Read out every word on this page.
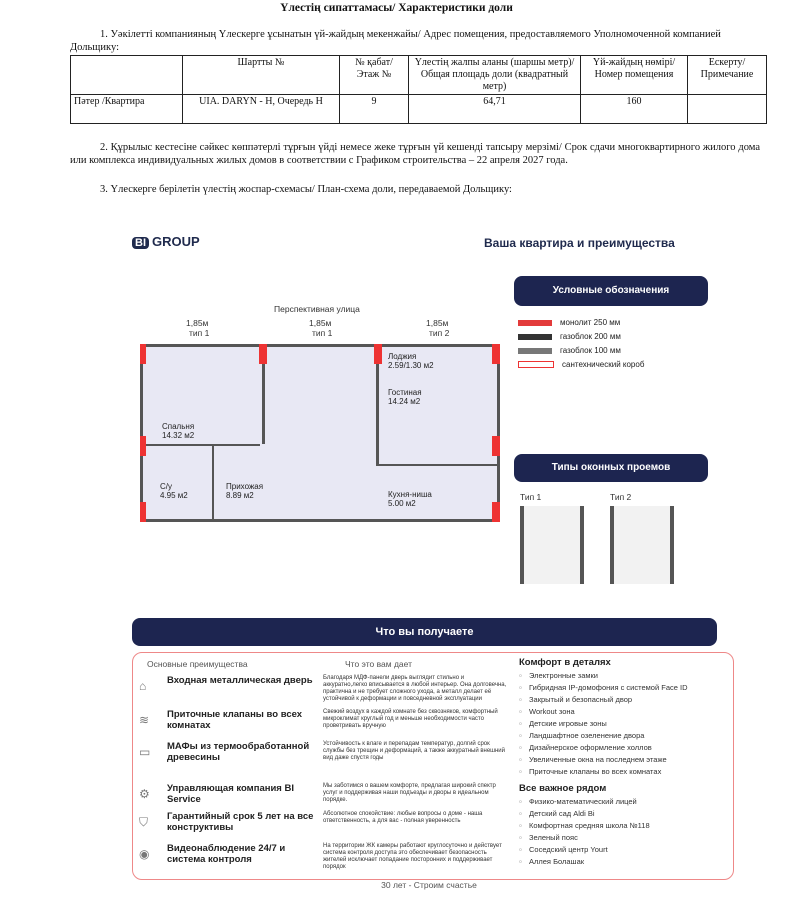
Үлестің сипаттамасы/ Характеристики доли
1. Уәкілетті компанияның Үлескерге ұсынатын үй-жайдың мекенжайы/ Адрес помещения, предоставляемого Уполномоченной компанией Дольщику:
	Шартты №	№ қабат/ Этаж №	Үлестің жалпы аланы (шаршы метр)/ Общая площадь доли (квадратный метр)	Үй-жайдың нөмірі/ Номер помещения	Ескерту/ Примечание
Пәтер /Квартира	UIA. DARYN - H, Очередь H	9	64,71	160	
2. Құрылыс кестесіне сәйкес көппәтерлі тұрғын үйді немесе жеке тұрғын үй кешенді тапсыру мерзімі/ Срок сдачи многоквартирного жилого дома или комплекса индивидуальных жилых домов в соответствии с Графиком строительства – 22 апреля 2027 года.
3. Үлескерге берілетін үлестің жоспар-схемасы/ План-схема доли, передаваемой Дольщику:
BI GROUP	Ваша квартира и преимущества
Перспективная улица
1,85м
тип 1
1,85м
тип 1
1,85м
тип 2
Лоджия
2.59/1.30 м2
Гостиная
14.24 м2
Спальня
14.32 м2
С/у
4.95 м2
Прихожая
8.89 м2	Кухня-ниша
5.00 м2
Условные обозначения
монолит 250 мм
газоблок 200 мм
газоблок 100 мм
сантехнический короб
Типы оконных проемов
Тип 1	Тип 2
Что вы получаете
Основные преимущества	Что это вам дает
⌂	Входная металлическая дверь	Благодаря МДФ-панели дверь выглядит стильно и аккуратно,легко вписывается в любой интерьер. Она долговечна, практична и не требует сложного ухода, а металл делает её устойчивой к деформации и повседневной эксплуатации
≋	Приточные клапаны во всех комнатах
Свежий воздух в каждой комнате без сквозняков, комфортный микроклимат круглый год и меньше необходимости часто проветривать вручную
▭	МАФы из термообработанной древесины
Устойчивость к влаге и перепадам температур, долгий срок службы без трещин и деформаций, а также аккуратный внешний вид даже спустя годы
⚙	Управляющая компания BI Service
Мы заботимся о вашем комфорте, предлагая широкий спектр услуг и поддерживая наши подъезды и дворы в идеальном порядке.
⛉	Гарантийный срок 5 лет на все конструктивы
Абсолютное спокойствие: любые вопросы о доме - наша ответственность, а для вас - полная уверенность
◉	Видеонаблюдение 24/7 и система контроля
На территории ЖК камеры работают круглосуточно и действует система контроля доступа это обеспечивает безопасность жителей исключает попадание посторонних и поддерживает порядок
Комфорт в деталях
▫ Электронные замки
▫ Гибридная IP-домофония с системой Face ID
▫ Закрытый и безопасный двор
▫ Workout зона
▫ Детские игровые зоны
▫ Ландшафтное озеленение двора
▫ Дизайнерское оформление холлов
▫ Увеличенные окна на последнем этаже
▫ Приточные клапаны во всех комнатах
Все важное рядом
▫ Физико-математический лицей
▫ Детский сад Aldi Bi
▫ Комфортная средняя школа №118
▫ Зеленый пояс
▫ Соседский центр Yourt
▫ Аллея Болашак
30 лет - Строим счастье
